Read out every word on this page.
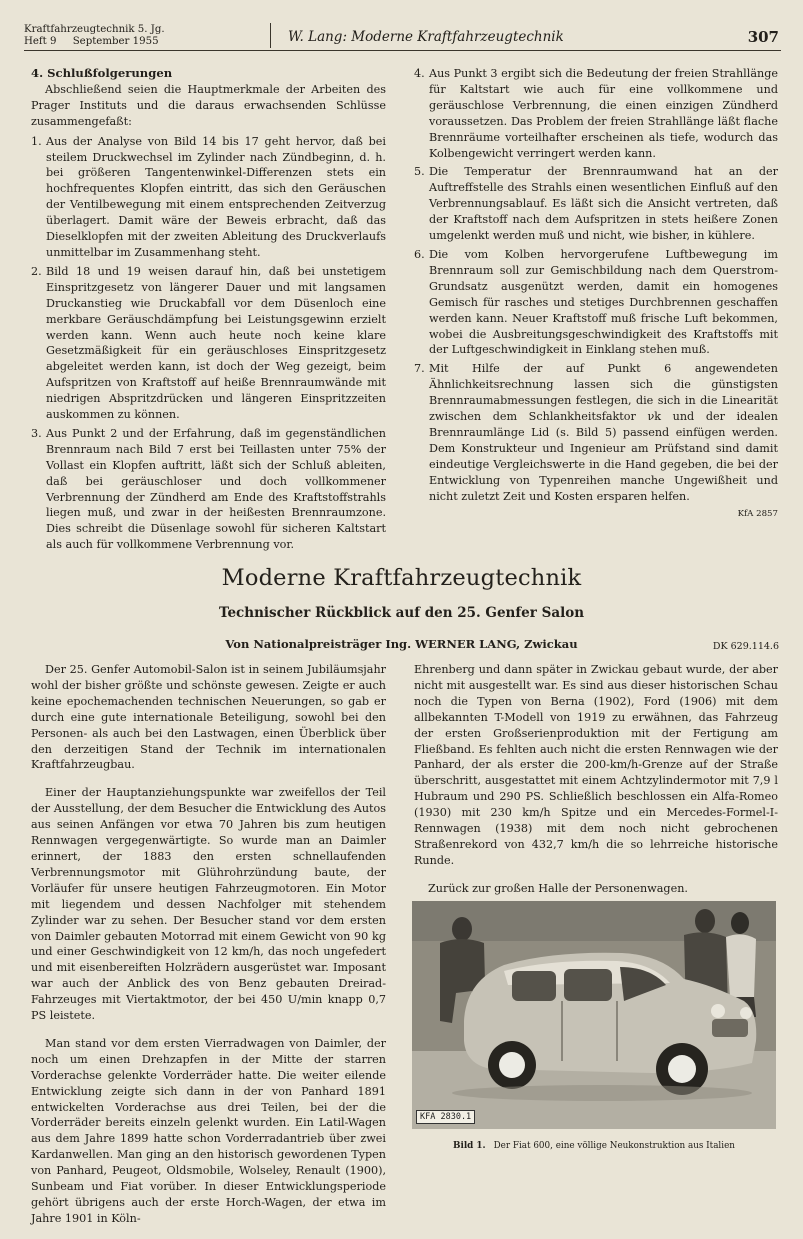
Kraftfahrzeugtechnik 5. Jg.
Heft 9     September 1955	W. Lang: Moderne Kraftfahrzeugtechnik	307

4. Schlußfolgerungen

Abschließend seien die Hauptmerkmale der Arbeiten des Prager Instituts und die daraus erwachsenden Schlüsse zusammengefaßt:

1. Aus der Analyse von Bild 14 bis 17 geht hervor, daß bei steilem Druckwechsel im Zylinder nach Zündbeginn, d. h. bei größeren Tangentenwinkel-Differenzen stets ein hochfrequentes Klopfen eintritt, das sich den Geräuschen der Ventilbewegung mit einem entsprechenden Zeitverzug überlagert. Damit wäre der Beweis erbracht, daß das Dieselklopfen mit der zweiten Ableitung des Druckverlaufs unmittelbar im Zusammenhang steht.
2. Bild 18 und 19 weisen darauf hin, daß bei unstetigem Einspritzgesetz von längerer Dauer und mit langsamen Druckanstieg wie Druckabfall vor dem Düsenloch eine merkbare Geräuschdämpfung bei Leistungsgewinn erzielt werden kann. Wenn auch heute noch keine klare Gesetzmäßigkeit für ein geräuschloses Einspritzgesetz abgeleitet werden kann, ist doch der Weg gezeigt, beim Aufspritzen von Kraftstoff auf heiße Brennraumwände mit niedrigen Abspritzdrücken und längeren Einspritzzeiten auskommen zu können.
3. Aus Punkt 2 und der Erfahrung, daß im gegenständlichen Brennraum nach Bild 7 erst bei Teillasten unter 75% der Vollast ein Klopfen auftritt, läßt sich der Schluß ableiten, daß bei geräuschloser und doch vollkommener Verbrennung der Zündherd am Ende des Kraftstoffstrahls liegen muß, und zwar in der heißesten Brennraumzone. Dies schreibt die Düsenlage sowohl für sicheren Kaltstart als auch für vollkommene Verbrennung vor.
4. Aus Punkt 3 ergibt sich die Bedeutung der freien Strahllänge für Kaltstart wie auch für eine vollkommene und geräuschlose Verbrennung, die einen einzigen Zündherd voraussetzen. Das Problem der freien Strahllänge läßt flache Brennräume vorteilhafter erscheinen als tiefe, wodurch das Kolbengewicht verringert werden kann.
5. Die Temperatur der Brennraumwand hat an der Auftreffstelle des Strahls einen wesentlichen Einfluß auf den Verbrennungsablauf. Es läßt sich die Ansicht vertreten, daß der Kraftstoff nach dem Aufspritzen in stets heißere Zonen umgelenkt werden muß und nicht, wie bisher, in kühlere.
6. Die vom Kolben hervorgerufene Luftbewegung im Brennraum soll zur Gemischbildung nach dem Querstrom-Grundsatz ausgenützt werden, damit ein homogenes Gemisch für rasches und stetiges Durchbrennen geschaffen werden kann. Neuer Kraftstoff muß frische Luft bekommen, wobei die Ausbreitungsgeschwindigkeit des Kraftstoffs mit der Luftgeschwindigkeit in Einklang stehen muß.
7. Mit Hilfe der auf Punkt 6 angewendeten Ähnlichkeitsrechnung lassen sich die günstigsten Brennraumabmessungen festlegen, die sich in die Linearität zwischen dem Schlankheitsfaktor νk und der idealen Brennraumlänge Lid (s. Bild 5) passend einfügen werden. Dem Konstrukteur und Ingenieur am Prüfstand sind damit eindeutige Vergleichswerte in die Hand gegeben, die bei der Entwicklung von Typenreihen manche Ungewißheit und nicht zuletzt Zeit und Kosten ersparen helfen.

KfA 2857

Moderne Kraftfahrzeugtechnik
Technischer Rückblick auf den 25. Genfer Salon
Von Nationalpreisträger Ing. WERNER LANG, Zwickau	DK 629.114.6

Der 25. Genfer Automobil-Salon ist in seinem Jubiläumsjahr wohl der bisher größte und schönste gewesen. Zeigte er auch keine epochemachenden technischen Neuerungen, so gab er durch eine gute internationale Beteiligung, sowohl bei den Personen- als auch bei den Lastwagen, einen Überblick über den derzeitigen Stand der Technik im internationalen Kraftfahrzeugbau.

Einer der Hauptanziehungspunkte war zweifellos der Teil der Ausstellung, der dem Besucher die Entwicklung des Autos aus seinen Anfängen vor etwa 70 Jahren bis zum heutigen Rennwagen vergegenwärtigte. So wurde man an Daimler erinnert, der 1883 den ersten schnellaufenden Verbrennungsmotor mit Glührohrzündung baute, der Vorläufer für unsere heutigen Fahrzeugmotoren. Ein Motor mit liegendem und dessen Nachfolger mit stehendem Zylinder war zu sehen. Der Besucher stand vor dem ersten von Daimler gebauten Motorrad mit einem Gewicht von 90 kg und einer Geschwindigkeit von 12 km/h, das noch ungefedert und mit eisenbereiften Holzrädern ausgerüstet war. Imposant war auch der Anblick des von Benz gebauten Dreirad-Fahrzeuges mit Viertaktmotor, der bei 450 U/min knapp 0,7 PS leistete.

Man stand vor dem ersten Vierradwagen von Daimler, der noch um einen Drehzapfen in der Mitte der starren Vorderachse gelenkte Vorderräder hatte. Die weiter eilende Entwicklung zeigte sich dann in der von Panhard 1891 entwickelten Vorderachse aus drei Teilen, bei der die Vorderräder bereits einzeln gelenkt wurden. Ein Latil-Wagen aus dem Jahre 1899 hatte schon Vorderradantrieb über zwei Kardanwellen. Man ging an den historisch gewordenen Typen von Panhard, Peugeot, Oldsmobile, Wolseley, Renault (1900), Sunbeam und Fiat vorüber. In dieser Entwicklungsperiode gehört übrigens auch der erste Horch-Wagen, der etwa im Jahre 1901 in Köln-

Ehrenberg und dann später in Zwickau gebaut wurde, der aber nicht mit ausgestellt war. Es sind aus dieser historischen Schau noch die Typen von Berna (1902), Ford (1906) mit dem allbekannten T-Modell von 1919 zu erwähnen, das Fahrzeug der ersten Großserienproduktion mit der Fertigung am Fließband. Es fehlten auch nicht die ersten Rennwagen wie der Panhard, der als erster die 200-km/h-Grenze auf der Straße überschritt, ausgestattet mit einem Achtzylindermotor mit 7,9 l Hubraum und 290 PS. Schließlich beschlossen ein Alfa-Romeo (1930) mit 230 km/h Spitze und ein Mercedes-Formel-I-Rennwagen (1938) mit dem noch nicht gebrochenen Straßenrekord von 432,7 km/h die so lehrreiche historische Runde.

Zurück zur großen Halle der Personenwagen.

KFA 2830.1
Bild 1. Der Fiat 600, eine völlige Neukonstruktion aus Italien
